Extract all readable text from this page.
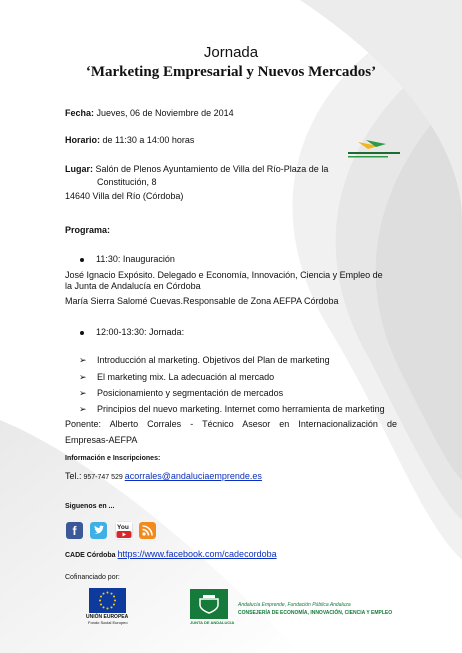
Jornada
‘Marketing Empresarial y Nuevos Mercados’
Fecha: Jueves, 06 de Noviembre de 2014
Horario: de 11:30 a 14:00 horas
Lugar: Salón de Plenos Ayuntamiento de Villa del Río-Plaza de la
Constitución, 8
14640 Villa del Río (Córdoba)
Programa:
11:30: Inauguración
José Ignacio Expósito. Delegado e Economía, Innovación, Ciencia y Empleo de
la Junta de Andalucía en Córdoba
María Sierra Salomé Cuevas.Responsable de Zona AEFPA Córdoba
12:00-13:30: Jornada:
➢ Introducción al marketing. Objetivos del Plan de marketing
➢ El marketing mix. La adecuación al mercado
➢ Posicionamiento y segmentación de mercados
➢ Principios del nuevo marketing. Internet como herramienta de marketing
Ponente: Alberto Corrales - Técnico Asesor en Internacionalización de
Empresas-AEFPA
Información e Inscripciones:
Tel.: 957-747 529 acorrales@andaluciaemprende.es
Siguenos en ...
f	You
CADE Córdoba https://www.facebook.com/cadecordoba
Cofinanciado por:
UNIÓN EUROPEA
Fondo Social Europeo	JUNTA DE ANDALUCIA
Andalucía Emprende, Fundación Pública Andaluza
CONSEJERÍA DE ECONOMÍA, INNOVACIÓN, CIENCIA Y EMPLEO
